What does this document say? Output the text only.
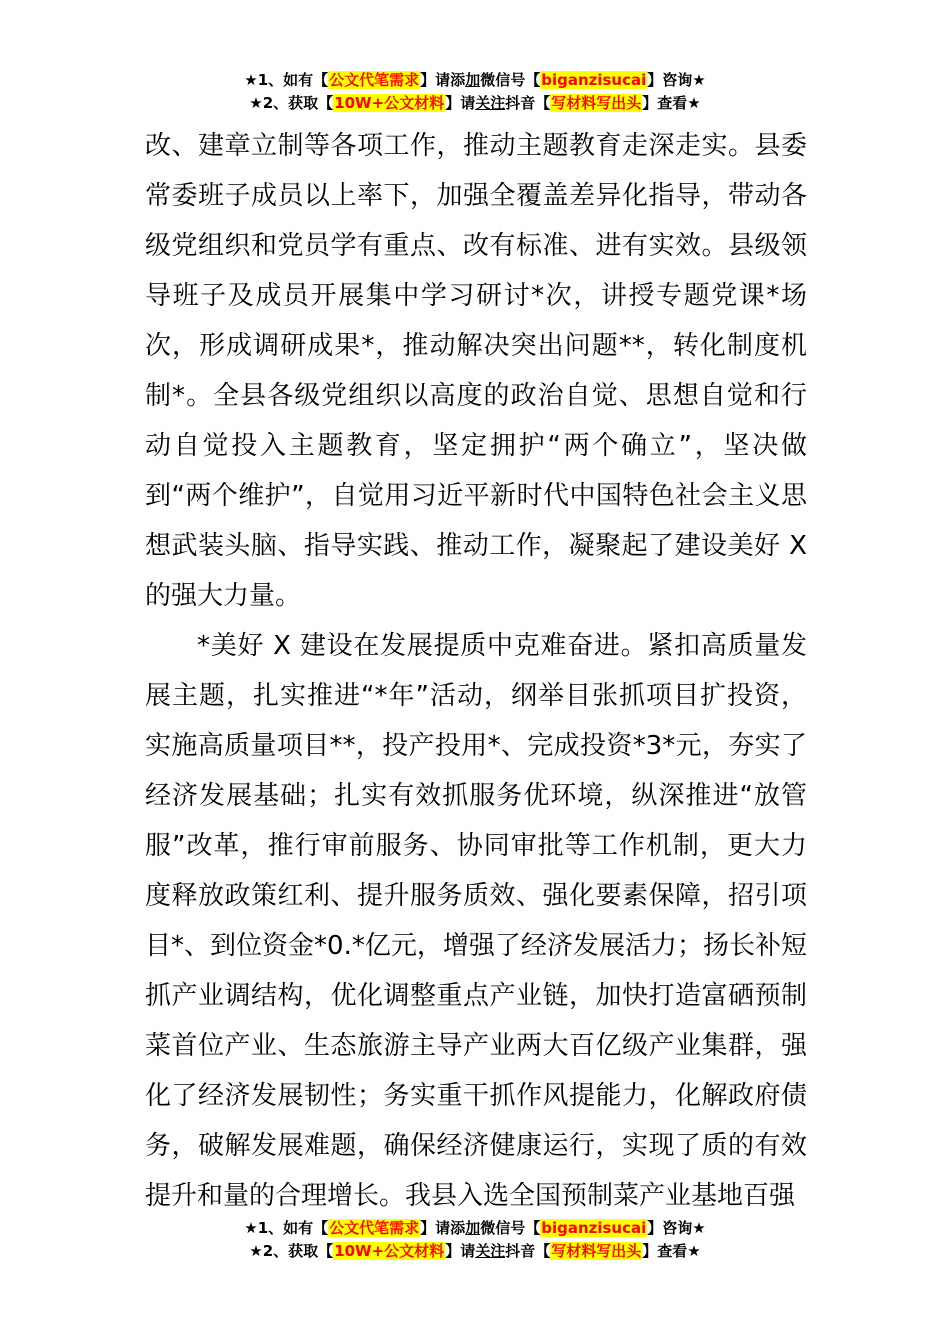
★1、如有【公文代笔需求】请添加微信号【biganzisucai】咨询★
★2、获取【10W+公文材料】请关注抖音【写材料写出头】查看★

改、建章立制等各项工作，推动主题教育走深走实。县委常委班子成员以上率下，加强全覆盖差异化指导，带动各级党组织和党员学有重点、改有标准、进有实效。县级领导班子及成员开展集中学习研讨*次，讲授专题党课*场次，形成调研成果*，推动解决突出问题**，转化制度机制*。全县各级党组织以高度的政治自觉、思想自觉和行动自觉投入主题教育，坚定拥护“两个确立”，坚决做到“两个维护”，自觉用习近平新时代中国特色社会主义思想武装头脑、指导实践、推动工作，凝聚起了建设美好 X 的强大力量。

*美好 X 建设在发展提质中克难奋进。紧扣高质量发展主题，扎实推进“*年”活动，纲举目张抓项目扩投资，实施高质量项目**，投产投用*、完成投资*3*元，夯实了经济发展基础；扎实有效抓服务优环境，纵深推进“放管服”改革，推行审前服务、协同审批等工作机制，更大力度释放政策红利、提升服务质效、强化要素保障，招引项目*、到位资金*0.*亿元，增强了经济发展活力；扬长补短抓产业调结构，优化调整重点产业链，加快打造富硒预制菜首位产业、生态旅游主导产业两大百亿级产业集群，强化了经济发展韧性；务实重干抓作风提能力，化解政府债务，破解发展难题，确保经济健康运行，实现了质的有效提升和量的合理增长。我县入选全国预制菜产业基地百强

★1、如有【公文代笔需求】请添加微信号【biganzisucai】咨询★
★2、获取【10W+公文材料】请关注抖音【写材料写出头】查看★
